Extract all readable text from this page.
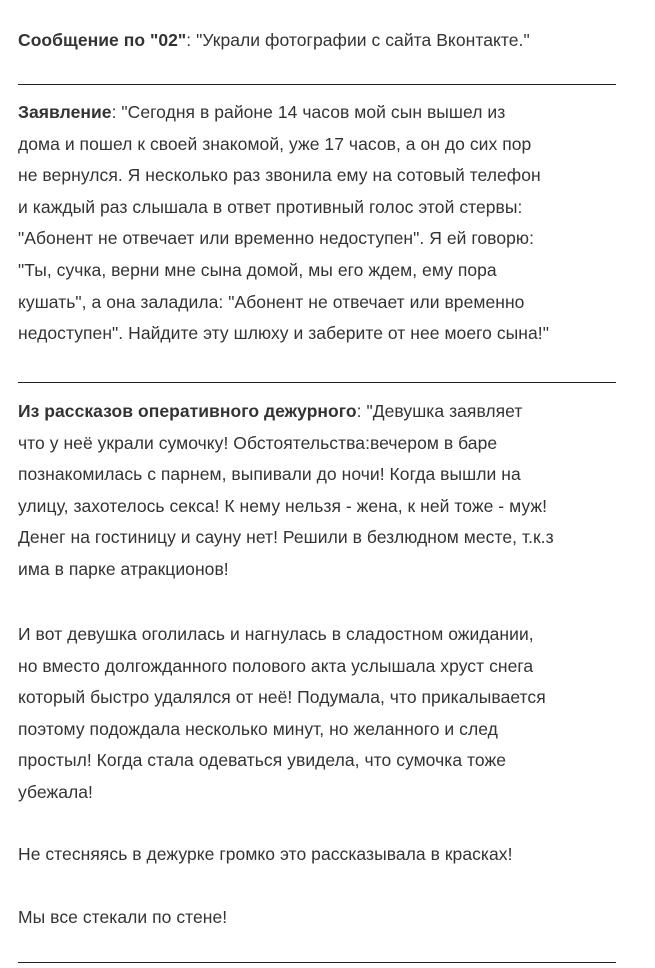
Сообщение по "02": "Украли фотографии с сайта Вконтакте."

Заявление: "Сегодня в районе 14 часов мой сын вышел из
дома и пошел к своей знакомой, уже 17 часов, а он до сих пор
не вернулся. Я несколько раз звонила ему на сотовый телефон
и каждый раз слышала в ответ противный голос этой стервы:
"Абонент не отвечает или временно недоступен". Я ей говорю:
"Ты, сучка, верни мне сына домой, мы его ждем, ему пора
кушать", а она заладила: "Абонент не отвечает или временно
недоступен". Найдите эту шлюху и заберите от нее моего сына!"

Из рассказов оперативного дежурного: "Девушка заявляет
что у неё украли сумочку! Обстоятельства:вечером в баре
познакомилась с парнем, выпивали до ночи! Когда вышли на
улицу, захотелось секса! К нему нельзя - жена, к ней тоже - муж!
Денег на гостиницу и сауну нет! Решили в безлюдном месте, т.к.з
има в парке атракционов!

И вот девушка оголилась и нагнулась в сладостном ожидании,
но вместо долгожданного полового акта услышала хруст снега
который быстро удалялся от неё! Подумала, что прикалывается
поэтому подождала несколько минут, но желанного и след
простыл! Когда стала одеваться увидела, что сумочка тоже
убежала!

Не стесняясь в дежурке громко это рассказывала в красках!

Мы все стекали по стене!
